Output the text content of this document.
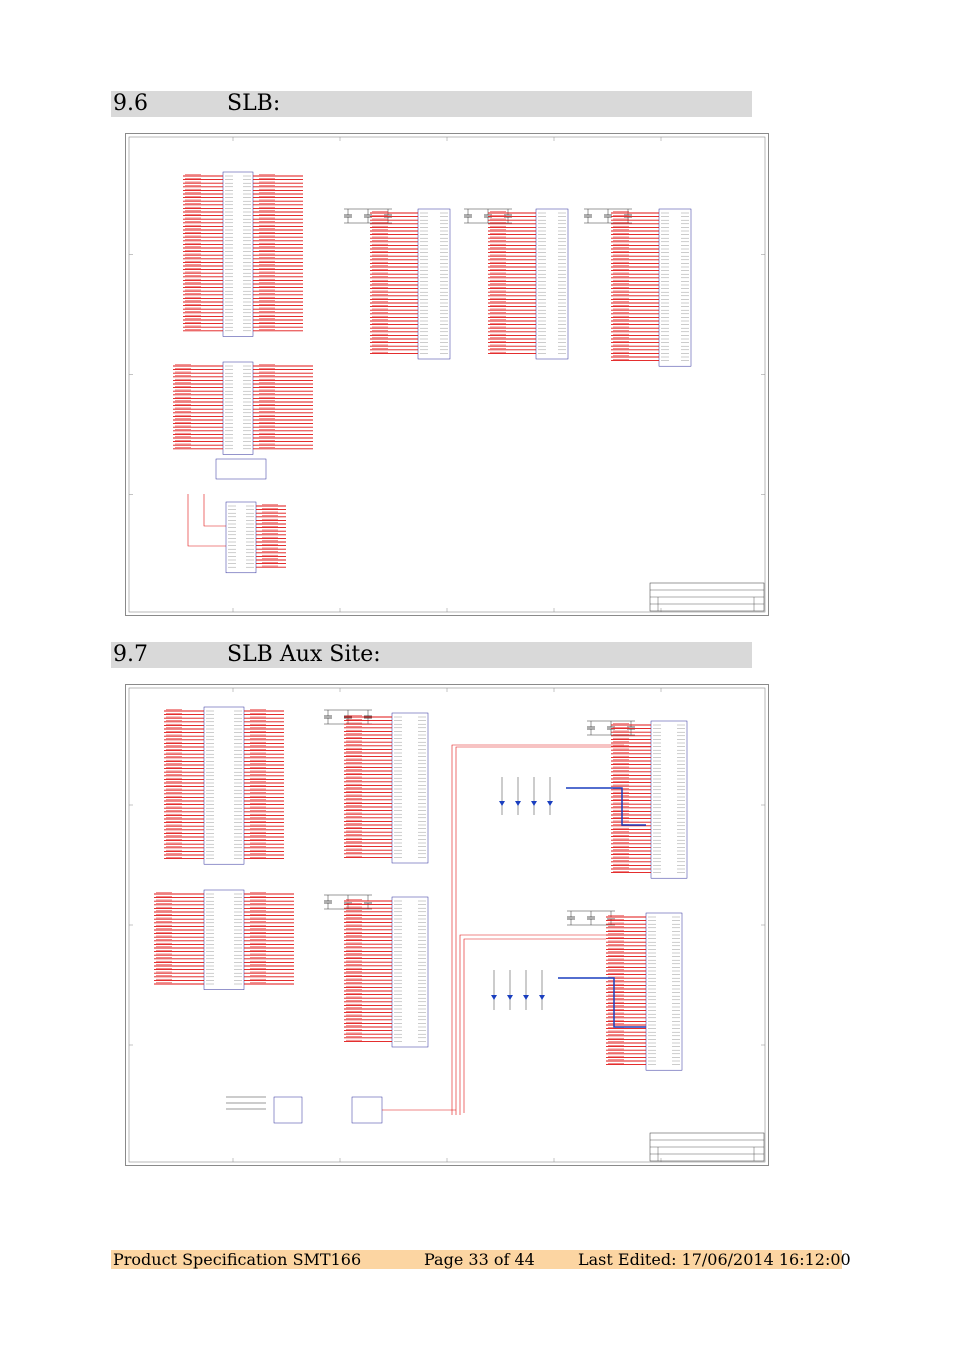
9.6	SLB:
9.7	SLB Aux Site:
Product Specification SMT166	Page 33 of 44	Last Edited: 17/06/2014 16:12:00
